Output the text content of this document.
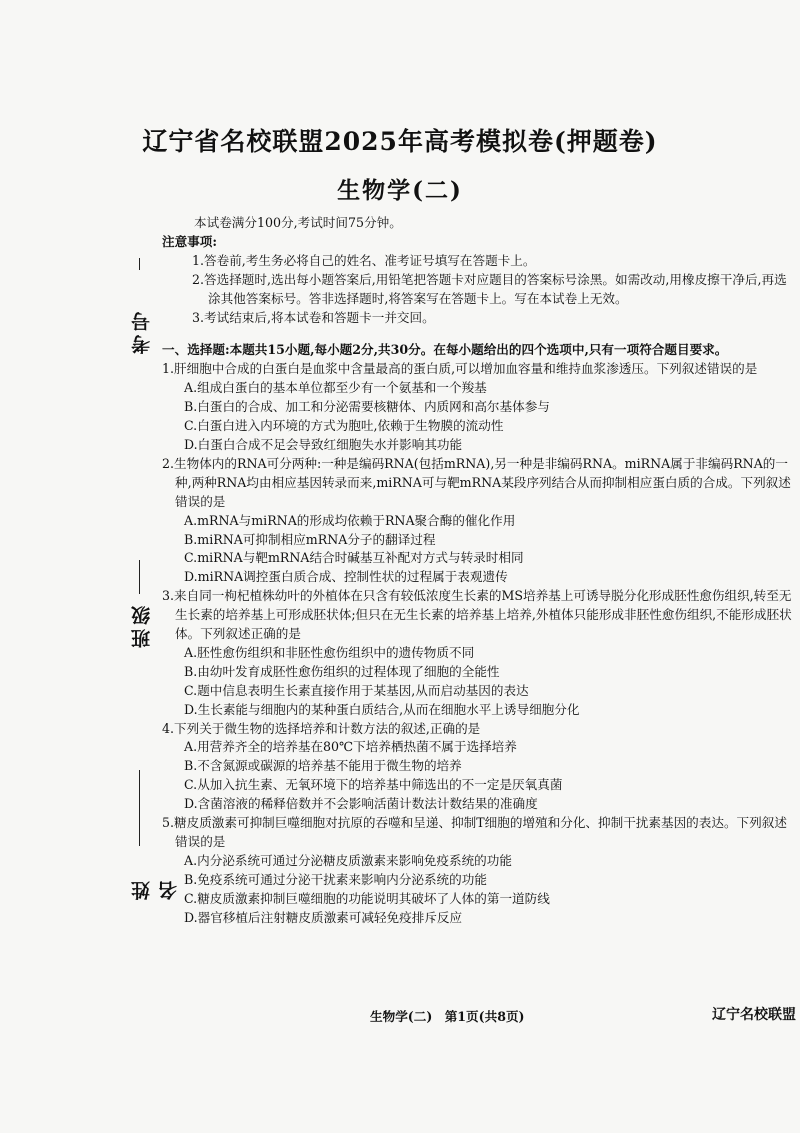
辽宁省名校联盟2025年高考模拟卷(押题卷)
生物学(二)
考号
班级
姓名

本试卷满分100分,考试时间75分钟。

注意事项:

1.答卷前,考生务必将自己的姓名、准考证号填写在答题卡上。

2.答选择题时,选出每小题答案后,用铅笔把答题卡对应题目的答案标号涂黑。如需改动,用橡皮擦干净后,再选涂其他答案标号。答非选择题时,将答案写在答题卡上。写在本试卷上无效。

3.考试结束后,将本试卷和答题卡一并交回。

一、选择题:本题共15小题,每小题2分,共30分。在每小题给出的四个选项中,只有一项符合题目要求。

1.肝细胞中合成的白蛋白是血浆中含量最高的蛋白质,可以增加血容量和维持血浆渗透压。下列叙述错误的是

A.组成白蛋白的基本单位都至少有一个氨基和一个羧基

B.白蛋白的合成、加工和分泌需要核糖体、内质网和高尔基体参与

C.白蛋白进入内环境的方式为胞吐,依赖于生物膜的流动性

D.白蛋白合成不足会导致红细胞失水并影响其功能

2.生物体内的RNA可分两种:一种是编码RNA(包括mRNA),另一种是非编码RNA。miRNA属于非编码RNA的一种,两种RNA均由相应基因转录而来,miRNA可与靶mRNA某段序列结合从而抑制相应蛋白质的合成。下列叙述错误的是

A.mRNA与miRNA的形成均依赖于RNA聚合酶的催化作用

B.miRNA可抑制相应mRNA分子的翻译过程

C.miRNA与靶mRNA结合时碱基互补配对方式与转录时相同

D.miRNA调控蛋白质合成、控制性状的过程属于表观遗传

3.来自同一枸杞植株幼叶的外植体在只含有较低浓度生长素的MS培养基上可诱导脱分化形成胚性愈伤组织,转至无生长素的培养基上可形成胚状体;但只在无生长素的培养基上培养,外植体只能形成非胚性愈伤组织,不能形成胚状体。下列叙述正确的是

A.胚性愈伤组织和非胚性愈伤组织中的遗传物质不同

B.由幼叶发育成胚性愈伤组织的过程体现了细胞的全能性

C.题中信息表明生长素直接作用于某基因,从而启动基因的表达

D.生长素能与细胞内的某种蛋白质结合,从而在细胞水平上诱导细胞分化

4.下列关于微生物的选择培养和计数方法的叙述,正确的是

A.用营养齐全的培养基在80℃下培养栖热菌不属于选择培养

B.不含氮源或碳源的培养基不能用于微生物的培养

C.从加入抗生素、无氧环境下的培养基中筛选出的不一定是厌氧真菌

D.含菌溶液的稀释倍数并不会影响活菌计数法计数结果的准确度

5.糖皮质激素可抑制巨噬细胞对抗原的吞噬和呈递、抑制T细胞的增殖和分化、抑制干扰素基因的表达。下列叙述错误的是

A.内分泌系统可通过分泌糖皮质激素来影响免疫系统的功能

B.免疫系统可通过分泌干扰素来影响内分泌系统的功能

C.糖皮质激素抑制巨噬细胞的功能说明其破坏了人体的第一道防线

D.器官移植后注射糖皮质激素可减轻免疫排斥反应

生物学(二) 第1页(共8页)	辽宁名校联盟
